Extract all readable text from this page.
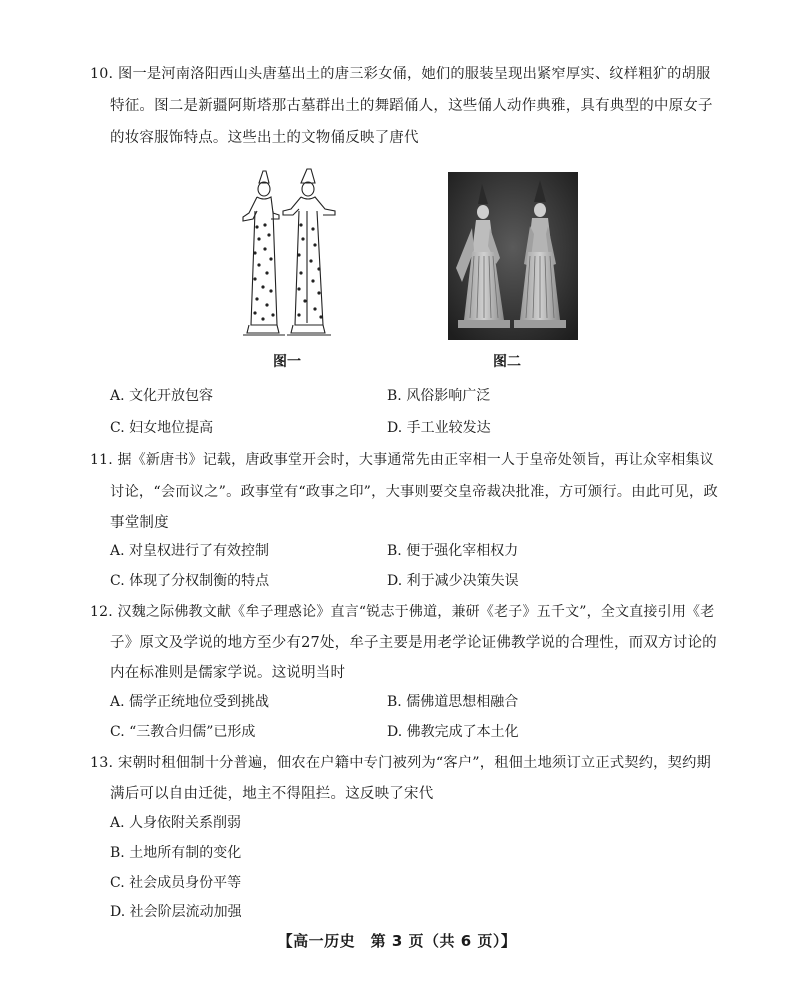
10. 图一是河南洛阳西山头唐墓出土的唐三彩女俑，她们的服装呈现出紧窄厚实、纹样粗犷的胡服
特征。图二是新疆阿斯塔那古墓群出土的舞蹈俑人，这些俑人动作典雅，具有典型的中原女子
的妆容服饰特点。这些出土的文物俑反映了唐代
图一	图二
A. 文化开放包容	B. 风俗影响广泛
C. 妇女地位提高	D. 手工业较发达
11. 据《新唐书》记载，唐政事堂开会时，大事通常先由正宰相一人于皇帝处领旨，再让众宰相集议
讨论，“会而议之”。政事堂有“政事之印”，大事则要交皇帝裁决批准，方可颁行。由此可见，政
事堂制度
A. 对皇权进行了有效控制	B. 便于强化宰相权力
C. 体现了分权制衡的特点	D. 利于减少决策失误
12. 汉魏之际佛教文献《牟子理惑论》直言“锐志于佛道，兼研《老子》五千文”，全文直接引用《老
子》原文及学说的地方至少有27处，牟子主要是用老学论证佛教学说的合理性，而双方讨论的
内在标准则是儒家学说。这说明当时
A. 儒学正统地位受到挑战	B. 儒佛道思想相融合
C. “三教合归儒”已形成	D. 佛教完成了本土化
13. 宋朝时租佃制十分普遍，佃农在户籍中专门被列为“客户”，租佃土地须订立正式契约，契约期
满后可以自由迁徙，地主不得阻拦。这反映了宋代
A. 人身依附关系削弱
B. 土地所有制的变化
C. 社会成员身份平等
D. 社会阶层流动加强
【高一历史　第 3 页（共 6 页）】
